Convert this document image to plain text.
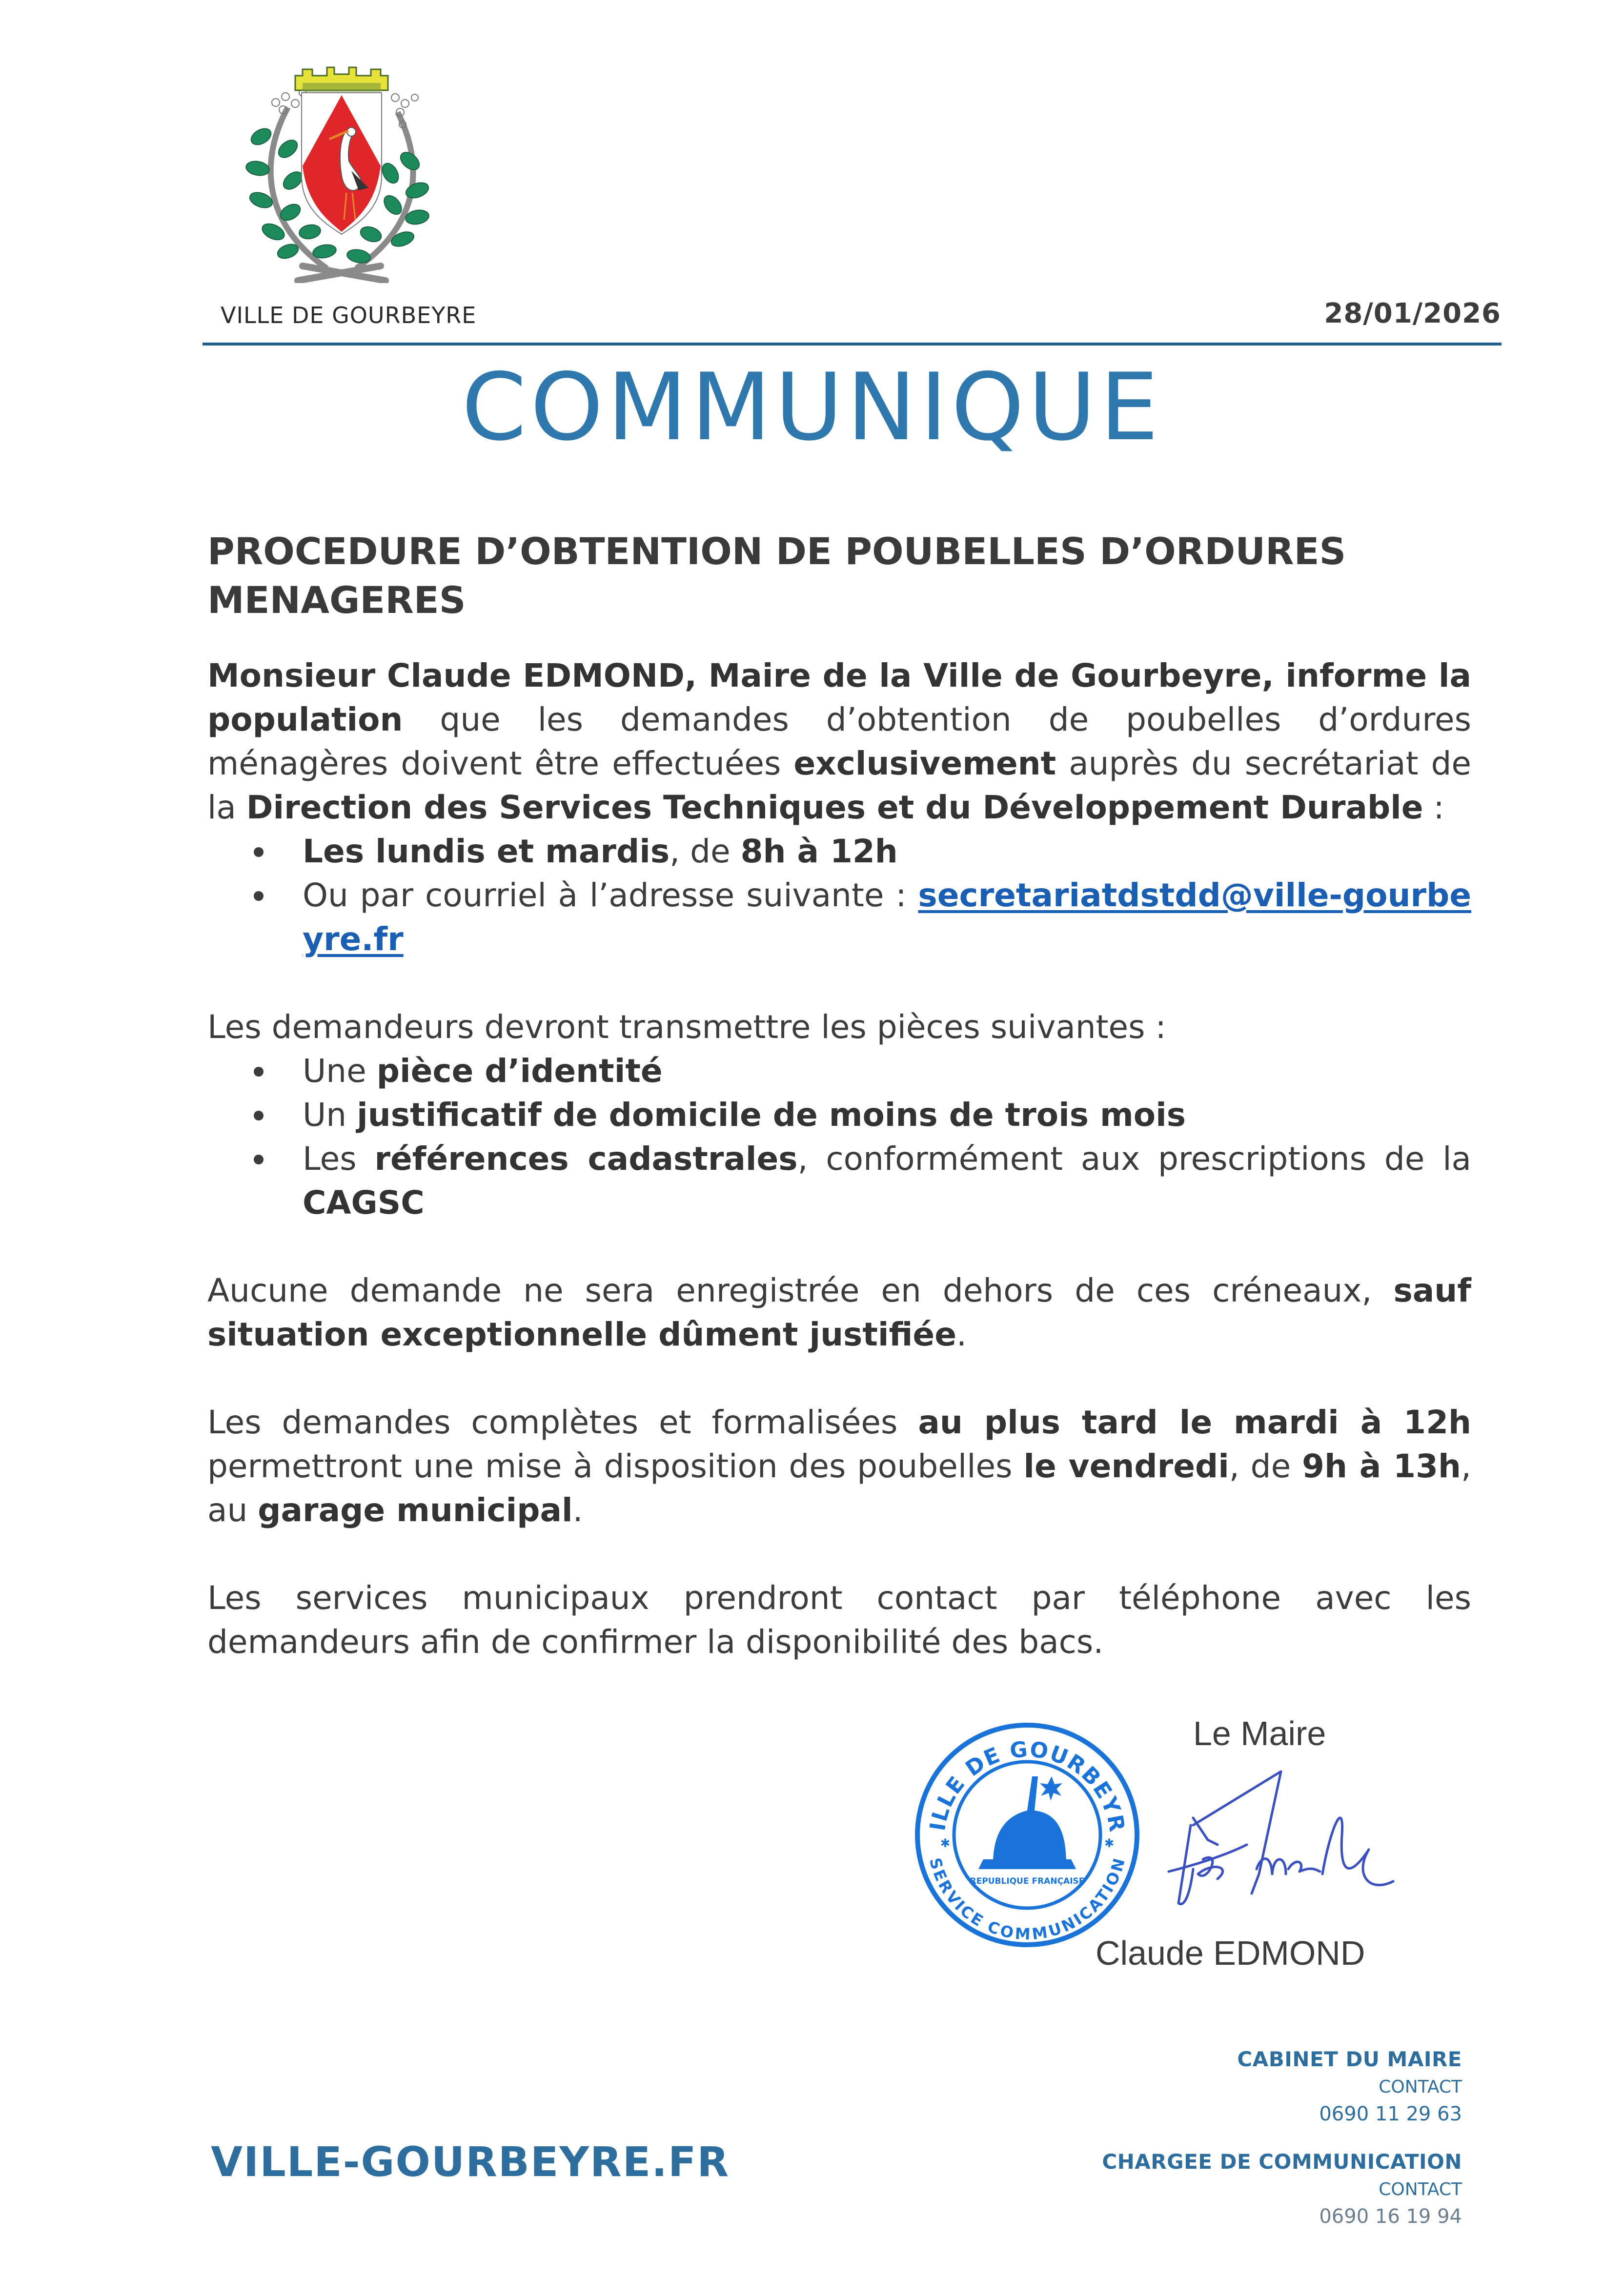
VILLE DE GOURBEYRE	28/01/2026
COMMUNIQUE
PROCEDURE D’OBTENTION DE POUBELLES D’ORDURES MENAGERES
Monsieur Claude EDMOND, Maire de la Ville de Gourbeyre, informe la population que les demandes d’obtention de poubelles d’ordures ménagères doivent être effectuées exclusivement auprès du secrétariat de la Direction des Services Techniques et du Développement Durable :
Les lundis et mardis, de 8h à 12h
Ou par courriel à l’adresse suivante : secretariatdstdd@ville-gourbeyre.fr
Les demandeurs devront transmettre les pièces suivantes :
Une pièce d’identité
Un justificatif de domicile de moins de trois mois
Les références cadastrales, conformément aux prescriptions de la CAGSC
Aucune demande ne sera enregistrée en dehors de ces créneaux, sauf situation exceptionnelle dûment justifiée.
Les demandes complètes et formalisées au plus tard le mardi à 12h permettront une mise à disposition des poubelles le vendredi, de 9h à 13h, au garage municipal.
Les services municipaux prendront contact par téléphone avec les demandeurs afin de confirmer la disponibilité des bacs.
ILLE DE GOURBEYR
SERVICE COMMUNICATION
✱	✱
REPUBLIQUE FRANÇAISE
Le Maire
Claude EDMOND
VILLE-GOURBEYRE.FR
CABINET DU MAIRE
CONTACT
0690 11 29 63
CHARGEE DE COMMUNICATION
CONTACT
0690 16 19 94
